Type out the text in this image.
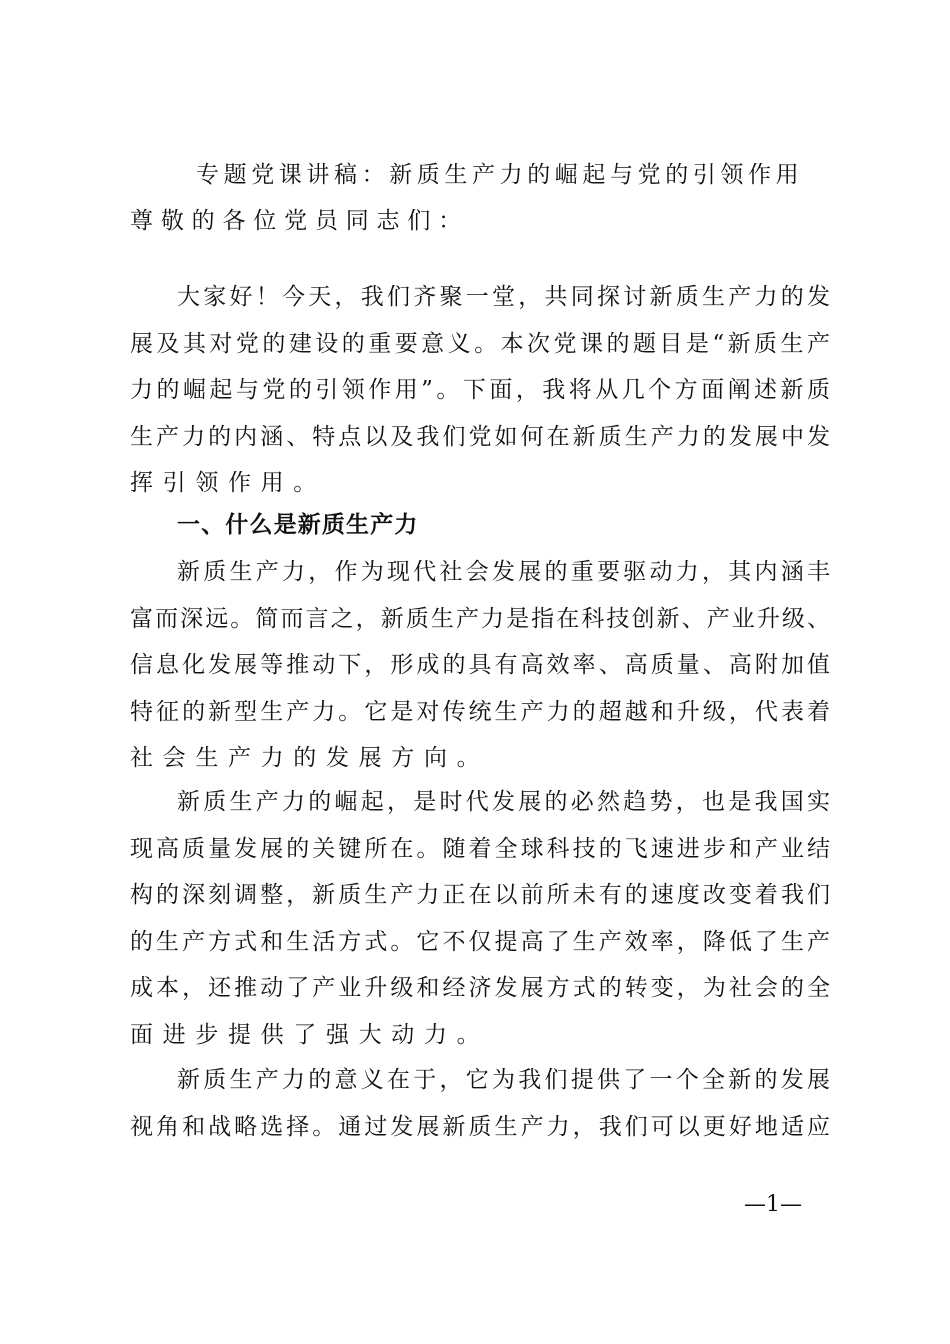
专题党课讲稿：新质生产力的崛起与党的引领作用
尊敬的各位党员同志们：
大家好！今天，我们齐聚一堂，共同探讨新质生产力的发
展及其对党的建设的重要意义。本次党课的题目是“新质生产
力的崛起与党的引领作用”。下面，我将从几个方面阐述新质
生产力的内涵、特点以及我们党如何在新质生产力的发展中发
挥引领作用。
一、什么是新质生产力
新质生产力，作为现代社会发展的重要驱动力，其内涵丰
富而深远。简而言之，新质生产力是指在科技创新、产业升级、
信息化发展等推动下，形成的具有高效率、高质量、高附加值
特征的新型生产力。它是对传统生产力的超越和升级，代表着
社会生产力的发展方向。
新质生产力的崛起，是时代发展的必然趋势，也是我国实
现高质量发展的关键所在。随着全球科技的飞速进步和产业结
构的深刻调整，新质生产力正在以前所未有的速度改变着我们
的生产方式和生活方式。它不仅提高了生产效率，降低了生产
成本，还推动了产业升级和经济发展方式的转变，为社会的全
面进步提供了强大动力。
新质生产力的意义在于，它为我们提供了一个全新的发展
视角和战略选择。通过发展新质生产力，我们可以更好地适应
—1—
